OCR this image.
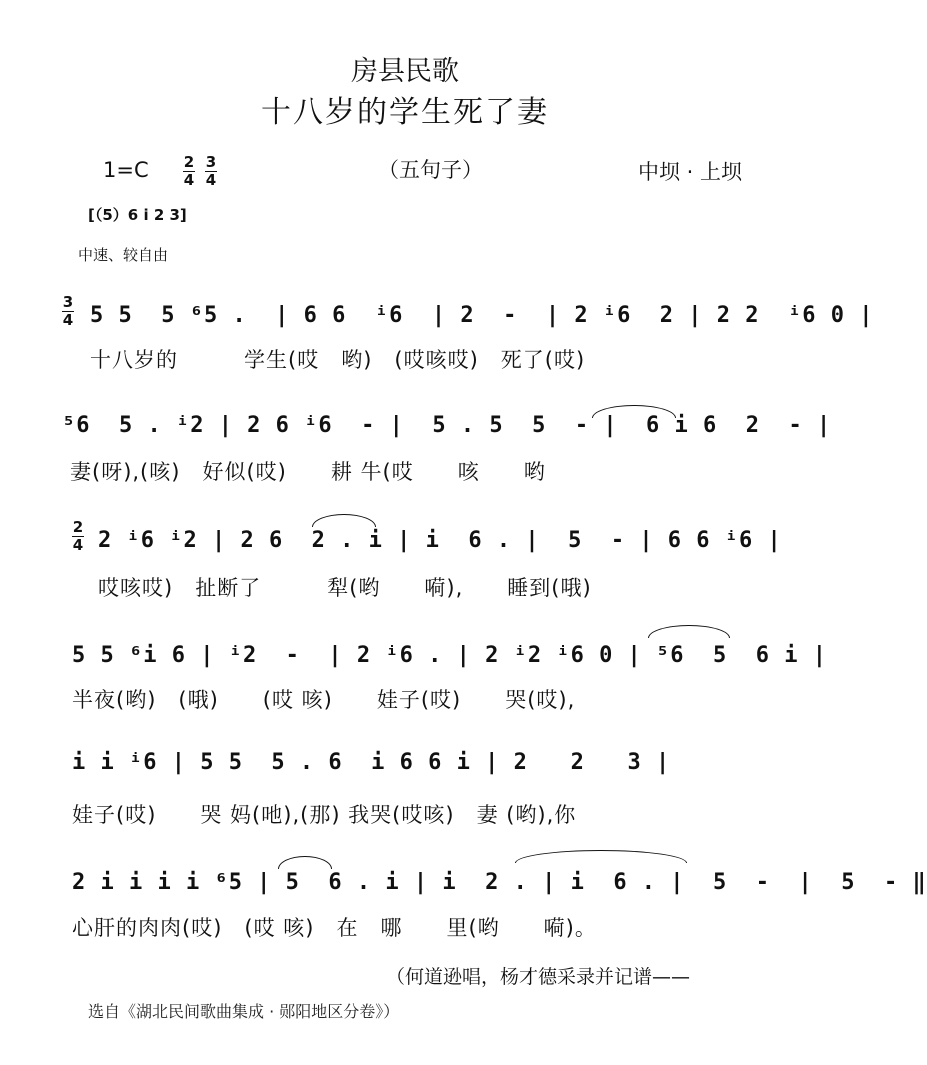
房县民歌
十八岁的学生死了妻
1=C 2
4
3
4	（五句子）	中坝 · 上坝
[（5）6 i 2 3]
中速、较自由
3
4 5 5  5 ⁶5 .  | 6 6  ⁱ6  | 2  -  | 2 ⁱ6  2 | 2 2  ⁱ6 0 |
十八岁的　　　学生(哎　哟)　(哎咳哎)　死了(哎)
⁵6  5 . ⁱ2 | 2 6 ⁱ6  - |  5 . 5  5  - |  6 i 6  2  - |
妻(呀),(咳)　好似(哎)　　耕 牛(哎　　咳　　哟
2
4 2 ⁱ6 ⁱ2 | 2 6  2 . i | i  6 . |  5  - | 6 6 ⁱ6 |
哎咳哎)　扯断了　　　犁(哟　　嗬),　　睡到(哦)
5 5 ⁶i 6 | ⁱ2  -  | 2 ⁱ6 . | 2 ⁱ2 ⁱ6 0 | ⁵6  5  6 i |
半夜(哟)　(哦)　　(哎 咳)　　娃子(哎)　　哭(哎),
i i ⁱ6 | 5 5  5 . 6  i 6 6 i | 2   2   3 |
娃子(哎)　　哭 妈(吔),(那) 我哭(哎咳)　妻 (哟),你
2 i i i i ⁶5 | 5  6 . i | i  2 . | i  6 . |  5  -  |  5  - ‖
心肝的肉肉(哎)　(哎 咳)　在　哪　　里(哟　　嗬)。
（何道逊唱，杨才德采录并记谱——
选自《湖北民间歌曲集成 · 郧阳地区分卷》）
